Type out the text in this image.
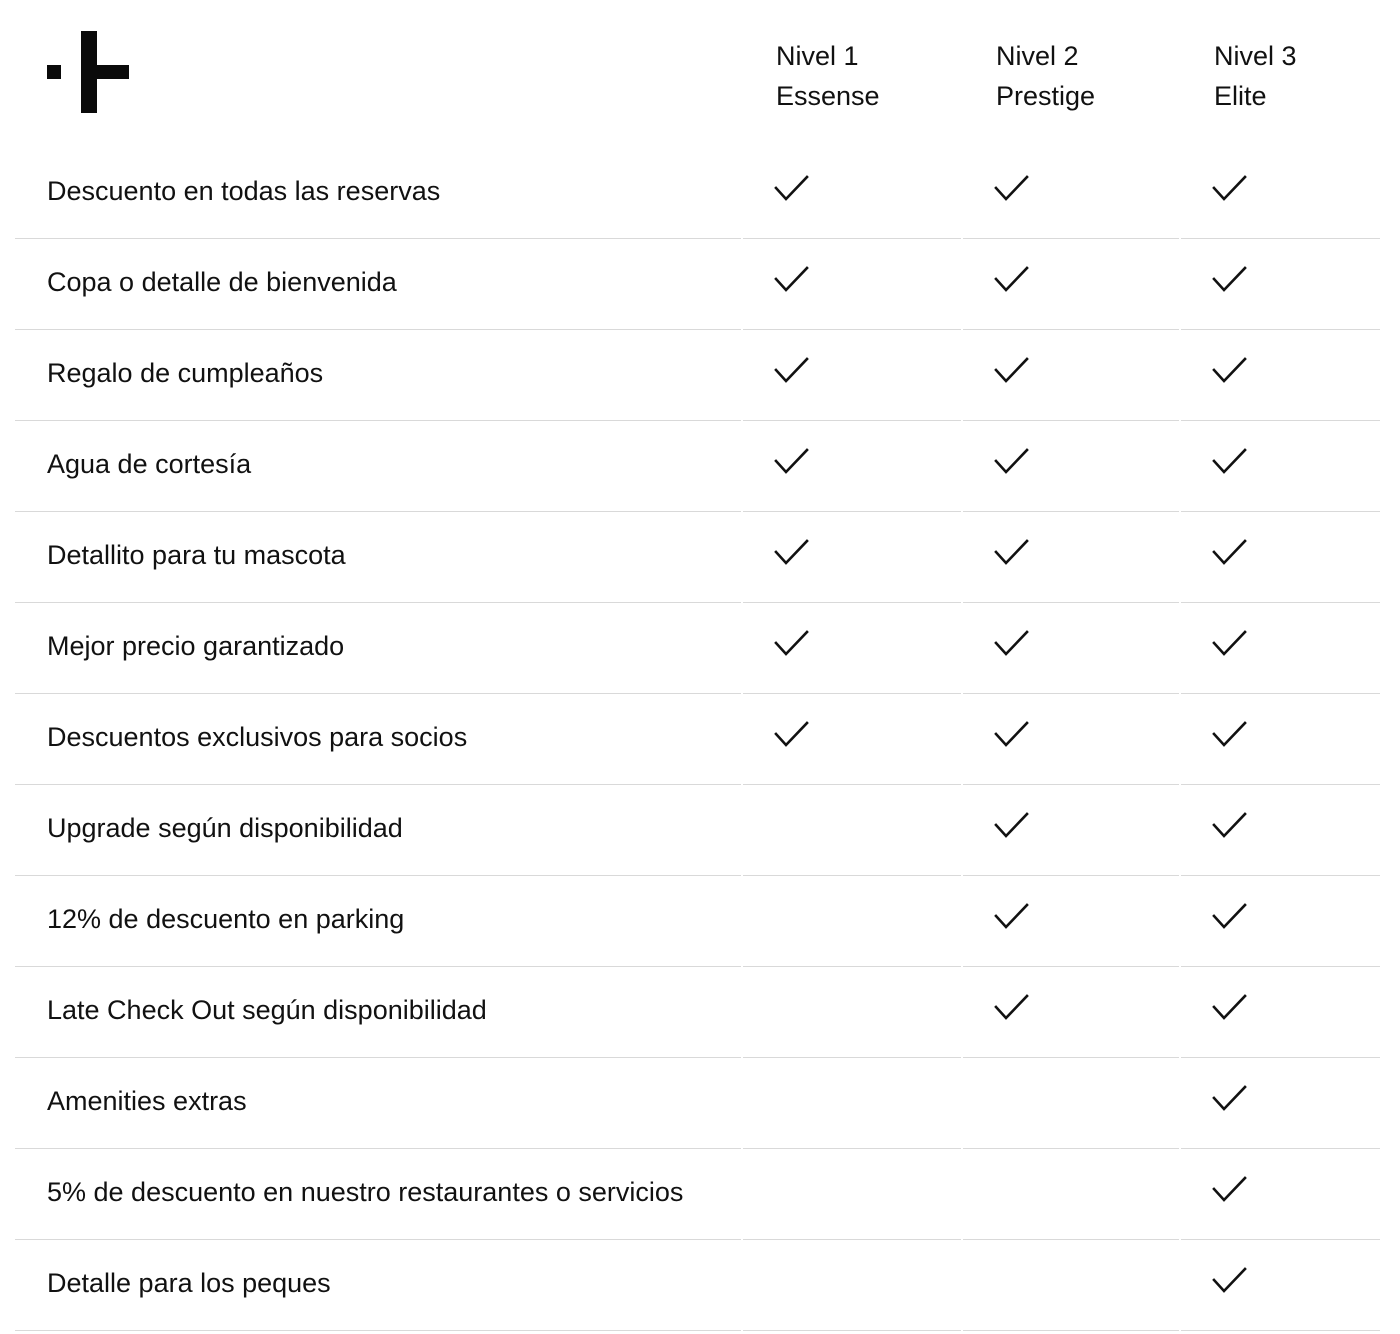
Nivel 1
Essense
Nivel 2
Prestige
Nivel 3
Elite
Descuento en todas las reservas
Copa o detalle de bienvenida
Regalo de cumpleaños
Agua de cortesía
Detallito para tu mascota
Mejor precio garantizado
Descuentos exclusivos para socios
Upgrade según disponibilidad
12% de descuento en parking
Late Check Out según disponibilidad
Amenities extras
5% de descuento en nuestro restaurantes o servicios
Detalle para los peques
